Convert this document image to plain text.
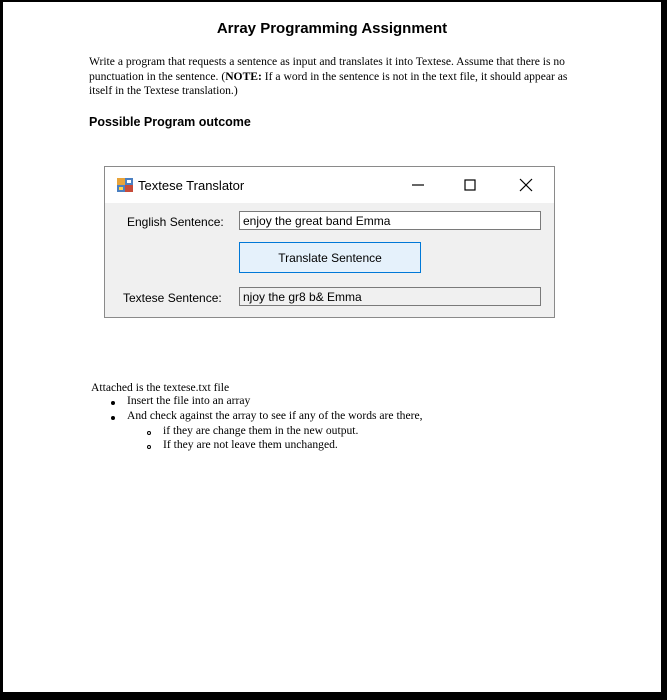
Array Programming Assignment

Write a program that requests a sentence as input and translates it into Textese. Assume that there is no punctuation in the sentence. (NOTE: If a word in the sentence is not in the text file, it should appear as itself in the Textese translation.)

Possible Program outcome
Textese Translator
English Sentence:	enjoy the great band Emma
Translate Sentence
Textese Sentence:	njoy the gr8 b& Emma
Attached is the textese.txt file
Insert the file into an array
And check against the array to see if any of the words are there,
if they are change them in the new output.
If they are not leave them unchanged.
